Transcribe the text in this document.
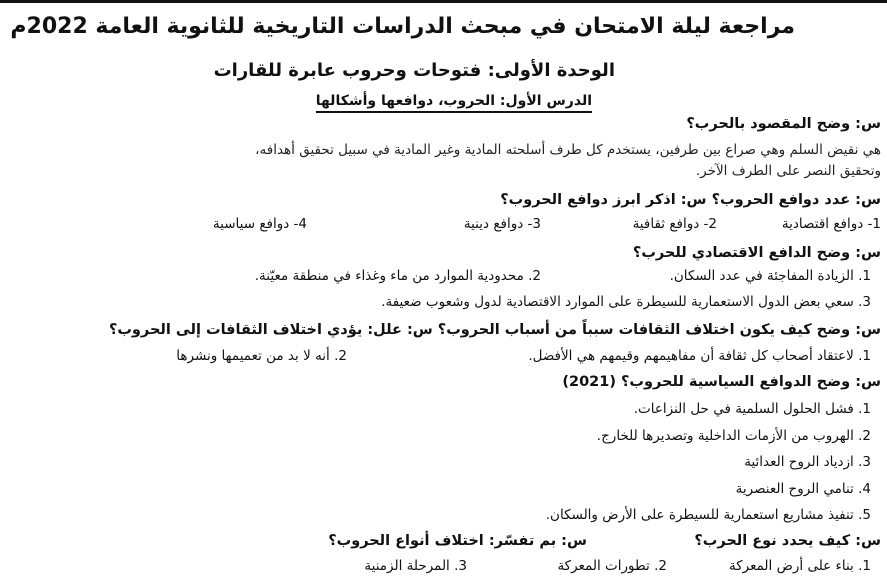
مراجعة ليلة الامتحان في مبحث الدراسات التاريخية للثانوية العامة 2022م
الوحدة الأولى: فتوحات وحروب عابرة للقارات
الدرس الأول: الحروب، دوافعها وأشكالها
س: وضح المقصود بالحرب؟
هي نقيض السلم وهي صراع بين طرفين، يستخدم كل طرف أسلحته المادية وغير المادية في سبيل تحقيق أهدافه،
وتحقيق النصر على الطرف الآخر.
س: عدد دوافع الحروب؟ س: اذكر ابرز دوافع الحروب؟
1- دوافع اقتصادية
2- دوافع ثقافية
3- دوافع دينية
4- دوافع سياسية
س: وضح الدافع الاقتصادي للحرب؟
1. الزيادة المفاجئة في عدد السكان.
2. محدودية الموارد من ماء وغذاء في منطقة معيّنة.
3. سعي بعض الدول الاستعمارية للسيطرة على الموارد الاقتصادية لدول وشعوب ضعيفة.
س: وضح كيف يكون اختلاف الثقافات سبباً من أسباب الحروب؟ س: علل: يؤدي اختلاف الثقافات إلى الحروب؟
1. لاعتقاد أصحاب كل ثقافة أن مفاهيمهم وقيمهم هي الأفضل.
2. أنه لا بد من تعميمها ونشرها
س: وضح الدوافع السياسية للحروب؟ (2021)
1. فشل الحلول السلمية في حل النزاعات.
2. الهروب من الأزمات الداخلية وتصديرها للخارج.
3. ازدياد الروح العدائية
4. تنامي الروح العنصرية
5. تنفيذ مشاريع استعمارية للسيطرة على الأرض والسكان.
س: كيف يحدد نوع الحرب؟
س: بم تفسّر: اختلاف أنواع الحروب؟
1. بناء على أرض المعركة
2. تطورات المعركة
3. المرحلة الزمنية
